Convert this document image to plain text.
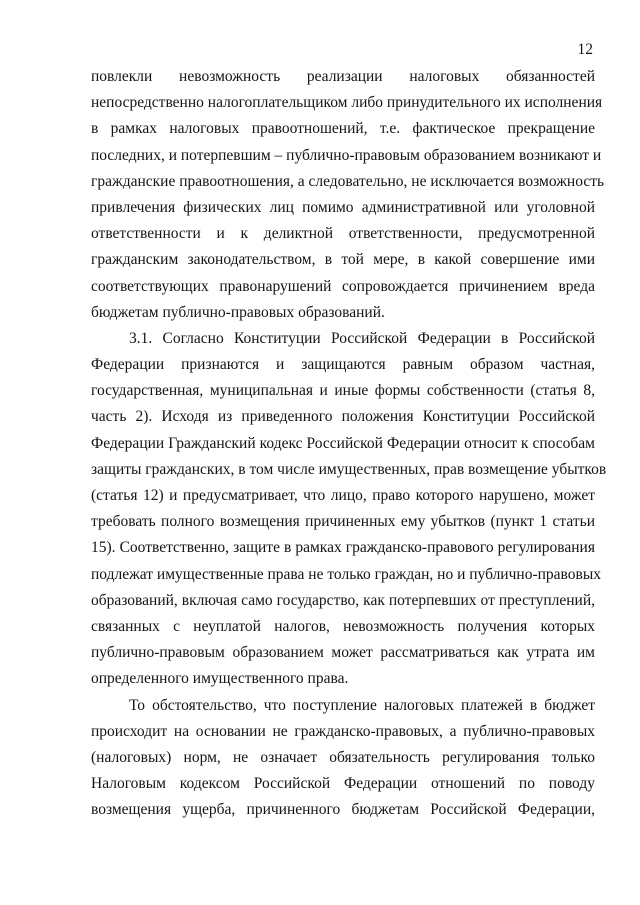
12
повлекли невозможность реализации налоговых обязанностей
непосредственно налогоплательщиком либо принудительного их исполнения
в рамках налоговых правоотношений, т.е. фактическое прекращение
последних, и потерпевшим – публично-правовым образованием возникают и
гражданские правоотношения, а следовательно, не исключается возможность
привлечения физических лиц помимо административной или уголовной
ответственности и к деликтной ответственности, предусмотренной
гражданским законодательством, в той мере, в какой совершение ими
соответствующих правонарушений сопровождается причинением вреда
бюджетам публично-правовых образований.
3.1. Согласно Конституции Российской Федерации в Российской
Федерации признаются и защищаются равным образом частная,
государственная, муниципальная и иные формы собственности (статья 8,
часть 2). Исходя из приведенного положения Конституции Российской
Федерации Гражданский кодекс Российской Федерации относит к способам
защиты гражданских, в том числе имущественных, прав возмещение убытков
(статья 12) и предусматривает, что лицо, право которого нарушено, может
требовать полного возмещения причиненных ему убытков (пункт 1 статьи
15). Соответственно, защите в рамках гражданско-правового регулирования
подлежат имущественные права не только граждан, но и публично-правовых
образований, включая само государство, как потерпевших от преступлений,
связанных с неуплатой налогов, невозможность получения которых
публично-правовым образованием может рассматриваться как утрата им
определенного имущественного права.
То обстоятельство, что поступление налоговых платежей в бюджет
происходит на основании не гражданско-правовых, а публично-правовых
(налоговых) норм, не означает обязательность регулирования только
Налоговым кодексом Российской Федерации отношений по поводу
возмещения ущерба, причиненного бюджетам Российской Федерации,
